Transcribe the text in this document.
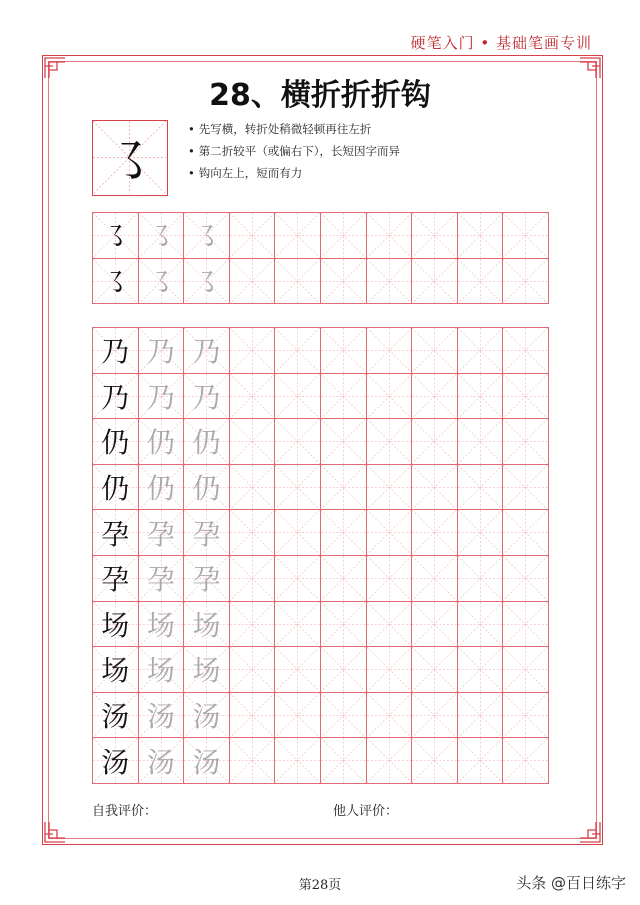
硬笔入门 • 基础笔画专训
28、横折折折钩
㇌
• 先写横，转折处稍微轻顿再往左折
• 第二折较平（或偏右下），长短因字而异
• 钩向左上，短而有力
㇌ ㇌ ㇌
㇌ ㇌ ㇌
乃 乃 乃
乃 乃 乃
仍 仍 仍
仍 仍 仍
孕 孕 孕
孕 孕 孕
场 场 场
场 场 场
汤 汤 汤
汤 汤 汤
自我评价：	他人评价：
第28页	头条 @百日练字
